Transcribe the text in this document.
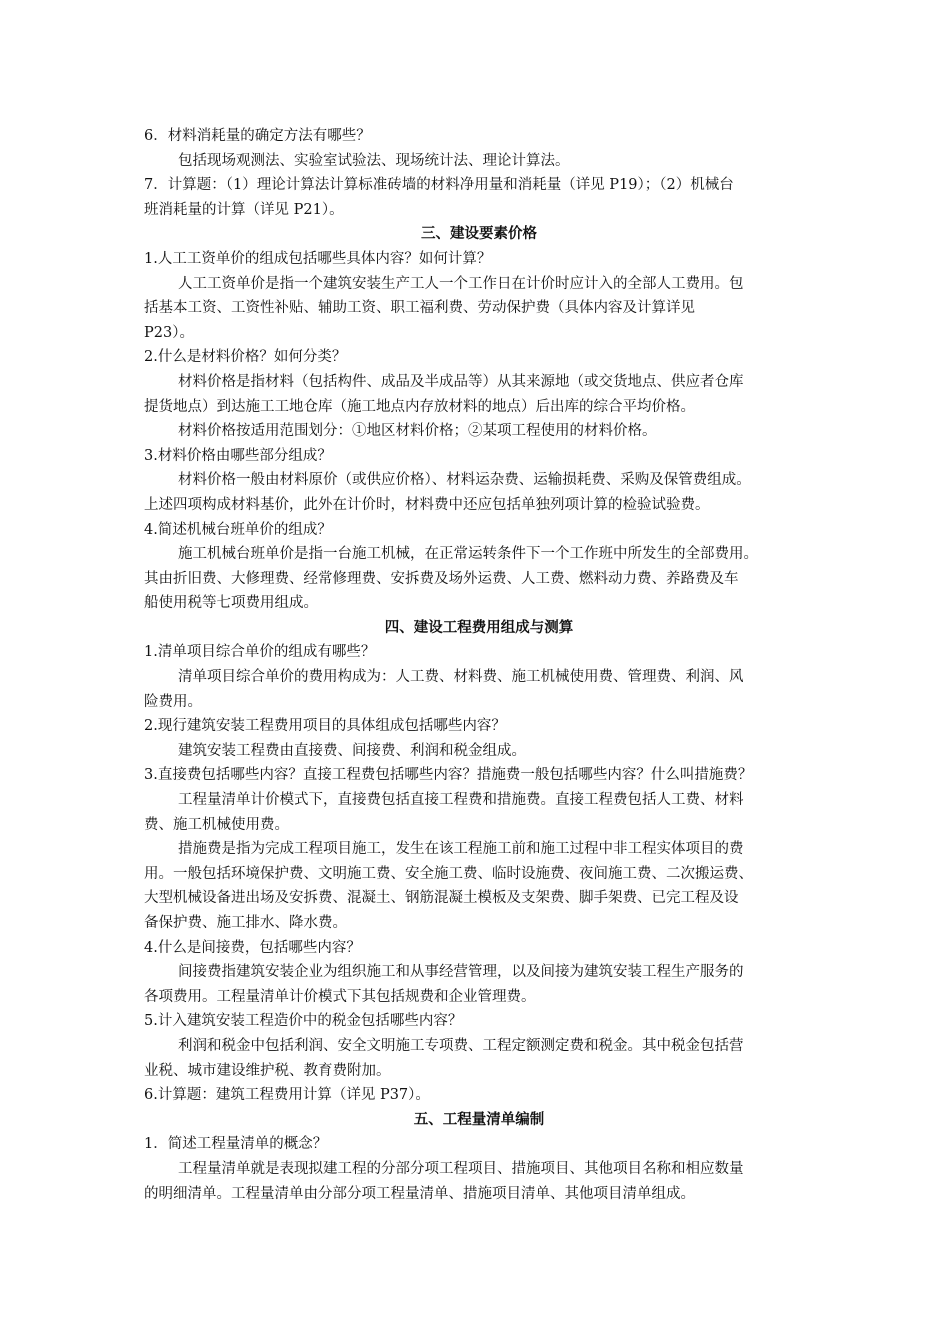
6．材料消耗量的确定方法有哪些？
包括现场观测法、实验室试验法、现场统计法、理论计算法。
7．计算题：（1）理论计算法计算标准砖墙的材料净用量和消耗量（详见 P19）；（2）机械台
班消耗量的计算（详见 P21）。
三、建设要素价格
1.人工工资单价的组成包括哪些具体内容？如何计算？
人工工资单价是指一个建筑安装生产工人一个工作日在计价时应计入的全部人工费用。包
括基本工资、工资性补贴、辅助工资、职工福利费、劳动保护费（具体内容及计算详见
P23）。
2.什么是材料价格？如何分类？
材料价格是指材料（包括构件、成品及半成品等）从其来源地（或交货地点、供应者仓库
提货地点）到达施工工地仓库（施工地点内存放材料的地点）后出库的综合平均价格。
材料价格按适用范围划分：①地区材料价格；②某项工程使用的材料价格。
3.材料价格由哪些部分组成？
材料价格一般由材料原价（或供应价格）、材料运杂费、运输损耗费、采购及保管费组成。
上述四项构成材料基价，此外在计价时，材料费中还应包括单独列项计算的检验试验费。
4.简述机械台班单价的组成？
施工机械台班单价是指一台施工机械，在正常运转条件下一个工作班中所发生的全部费用。
其由折旧费、大修理费、经常修理费、安拆费及场外运费、人工费、燃料动力费、养路费及车
船使用税等七项费用组成。
四、建设工程费用组成与测算
1.清单项目综合单价的组成有哪些？
清单项目综合单价的费用构成为：人工费、材料费、施工机械使用费、管理费、利润、风
险费用。
2.现行建筑安装工程费用项目的具体组成包括哪些内容？
建筑安装工程费由直接费、间接费、利润和税金组成。
3.直接费包括哪些内容？直接工程费包括哪些内容？措施费一般包括哪些内容？什么叫措施费？
工程量清单计价模式下，直接费包括直接工程费和措施费。直接工程费包括人工费、材料
费、施工机械使用费。
措施费是指为完成工程项目施工，发生在该工程施工前和施工过程中非工程实体项目的费
用。一般包括环境保护费、文明施工费、安全施工费、临时设施费、夜间施工费、二次搬运费、
大型机械设备进出场及安拆费、混凝土、钢筋混凝土模板及支架费、脚手架费、已完工程及设
备保护费、施工排水、降水费。
4.什么是间接费，包括哪些内容？
间接费指建筑安装企业为组织施工和从事经营管理，以及间接为建筑安装工程生产服务的
各项费用。工程量清单计价模式下其包括规费和企业管理费。
5.计入建筑安装工程造价中的税金包括哪些内容？
利润和税金中包括利润、安全文明施工专项费、工程定额测定费和税金。其中税金包括营
业税、城市建设维护税、教育费附加。
6.计算题：建筑工程费用计算（详见 P37）。
五、工程量清单编制
1．简述工程量清单的概念？
工程量清单就是表现拟建工程的分部分项工程项目、措施项目、其他项目名称和相应数量
的明细清单。工程量清单由分部分项工程量清单、措施项目清单、其他项目清单组成。
